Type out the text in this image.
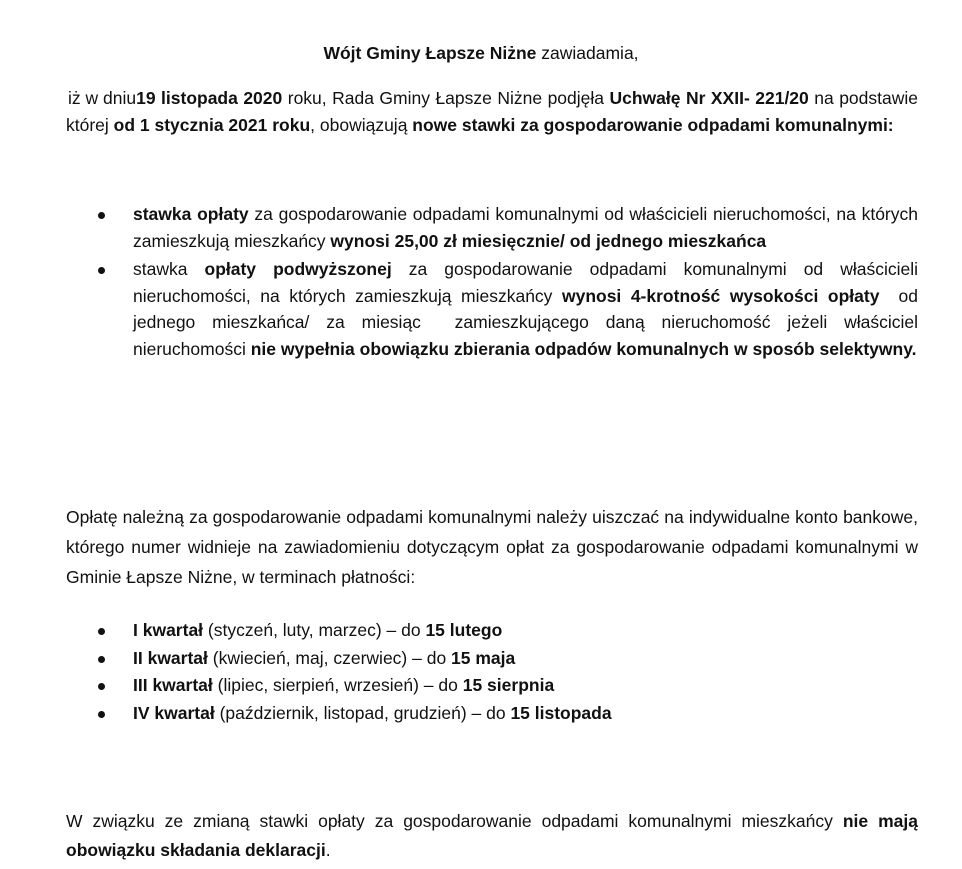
Wójt Gminy Łapsze Niżne zawiadamia,

iż w dniu19 listopada 2020 roku, Rada Gminy Łapsze Niżne podjęła Uchwałę Nr XXII- 221/20 na podstawie której od 1 stycznia 2021 roku, obowiązują nowe stawki za gospodarowanie odpadami komunalnymi:

stawka opłaty za gospodarowanie odpadami komunalnymi od właścicieli nieruchomości, na których zamieszkują mieszkańcy wynosi 25,00 zł miesięcznie/ od jednego mieszkańca
stawka opłaty podwyższonej za gospodarowanie odpadami komunalnymi od właścicieli nieruchomości, na których zamieszkują mieszkańcy wynosi 4-krotność wysokości opłaty  od jednego mieszkańca/ za miesiąc  zamieszkującego daną nieruchomość jeżeli właściciel nieruchomości nie wypełnia obowiązku zbierania odpadów komunalnych w sposób selektywny.

Opłatę należną za gospodarowanie odpadami komunalnymi należy uiszczać na indywidualne konto bankowe, którego numer widnieje na zawiadomieniu dotyczącym opłat za gospodarowanie odpadami komunalnymi w Gminie Łapsze Niżne, w terminach płatności:

I kwartał (styczeń, luty, marzec) – do 15 lutego
II kwartał (kwiecień, maj, czerwiec) – do 15 maja
III kwartał (lipiec, sierpień, wrzesień) – do 15 sierpnia
IV kwartał (październik, listopad, grudzień) – do 15 listopada

W związku ze zmianą stawki opłaty za gospodarowanie odpadami komunalnymi mieszkańcy nie mają obowiązku składania deklaracji.
